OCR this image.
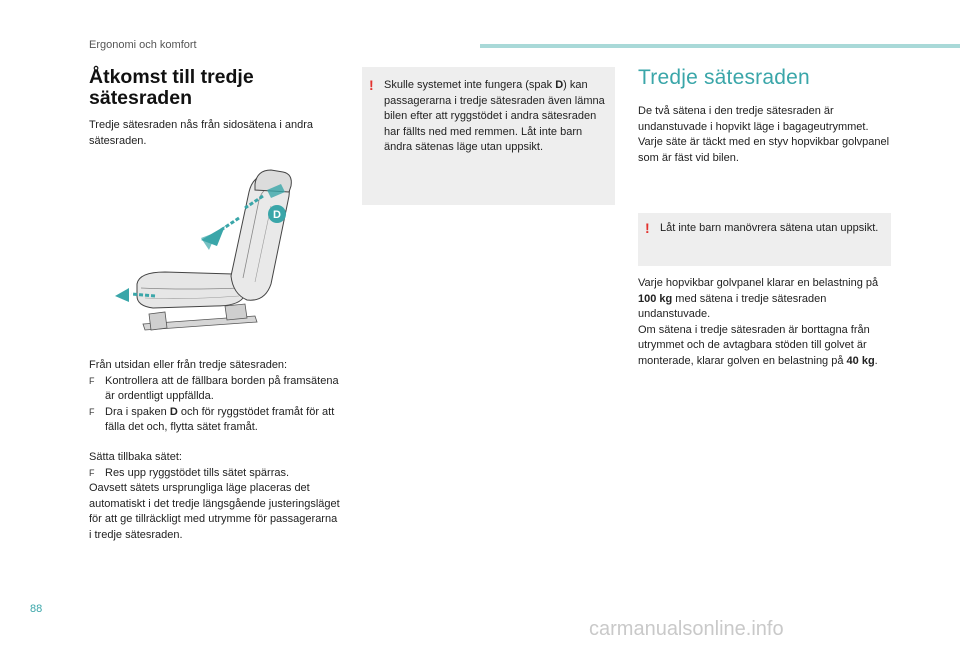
Ergonomi och komfort
Åtkomst till tredje
sätesraden
Tredje sätesraden nås från sidosätena i andra sätesraden.
D

Från utsidan eller från tredje sätesraden:

F Kontrollera att de fällbara borden på framsätena är ordentligt uppfällda.

F Dra i spaken D och för ryggstödet framåt för att fälla det och, flytta sätet framåt.

Sätta tillbaka sätet:

F Res upp ryggstödet tills sätet spärras.

Oavsett sätets ursprungliga läge placeras det automatiskt i det tredje längsgående justeringsläget för att ge tillräckligt med utrymme för passagerarna i tredje sätesraden.

! Skulle systemet inte fungera (spak D) kan passagerarna i tredje sätesraden även lämna bilen efter att ryggstödet i andra sätesraden har fällts ned med remmen. Låt inte barn ändra sätenas läge utan uppsikt.
Tredje sätesraden
De två sätena i den tredje sätesraden är undanstuvade i hopvikt läge i bagageutrymmet. Varje säte är täckt med en styv hopvikbar golvpanel som är fäst vid bilen.
! Låt inte barn manövrera sätena utan uppsikt.

Varje hopvikbar golvpanel klarar en belastning på 100 kg med sätena i tredje sätesraden undanstuvade.

Om sätena i tredje sätesraden är borttagna från utrymmet och de avtagbara stöden till golvet är monterade, klarar golven en belastning på 40 kg.

88
carmanualsonline.info
